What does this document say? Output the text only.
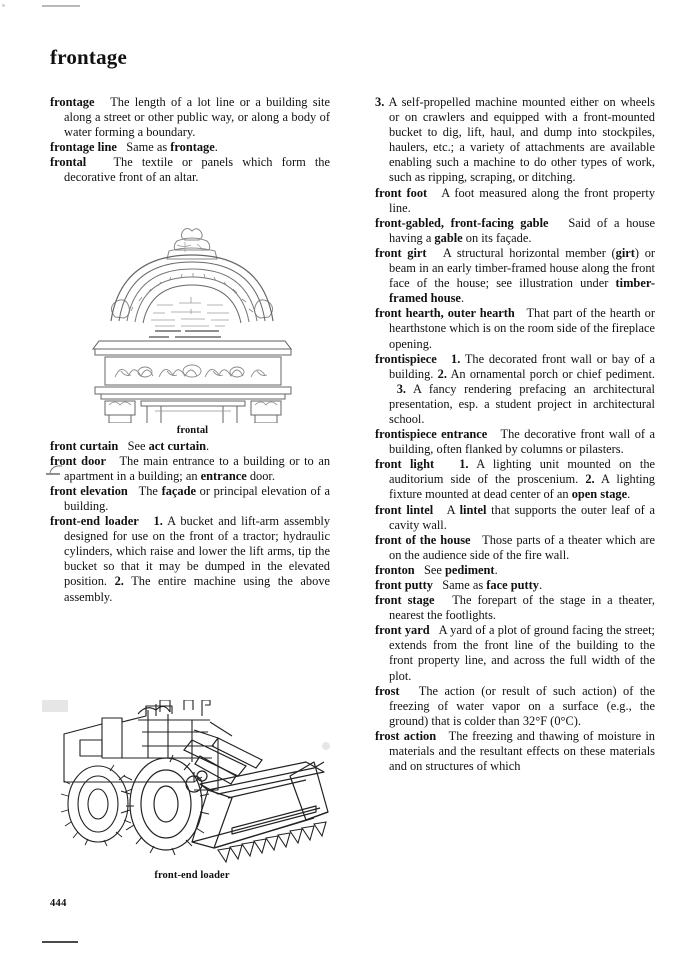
frontage

frontage The length of a lot line or a building site along a street or other public way, or along a body of water forming a boundary.

frontage line Same as frontage.

frontal The textile or panels which form the decorative front of an altar.

front curtain See act curtain.

front door The main entrance to a building or to an apartment in a building; an entrance door.

front elevation The façade or principal elevation of a building.

front-end loader 1. A bucket and lift-arm assembly designed for use on the front of a tractor; hydraulic cylinders, which raise and lower the lift arms, tip the bucket so that it may be dumped in the elevated position. 2. The entire machine using the above assembly.

3. A self-propelled machine mounted either on wheels or on crawlers and equipped with a front-mounted bucket to dig, lift, haul, and dump into stockpiles, haulers, etc.; a variety of attachments are available enabling such a machine to do other types of work, such as ripping, scraping, or ditching.

front foot A foot measured along the front property line.

front-gabled, front-facing gable Said of a house having a gable on its façade.

front girt A structural horizontal member (girt) or beam in an early timber-framed house along the front face of the house; see illustration under timber-framed house.

front hearth, outer hearth That part of the hearth or hearthstone which is on the room side of the fireplace opening.

frontispiece 1. The decorated front wall or bay of a building. 2. An ornamental porch or chief pediment. 3. A fancy rendering prefacing an architectural presentation, esp. a student project in architectural school.

frontispiece entrance The decorative front wall of a building, often flanked by columns or pilasters.

front light 1. A lighting unit mounted on the auditorium side of the proscenium. 2. A lighting fixture mounted at dead center of an open stage.

front lintel A lintel that supports the outer leaf of a cavity wall.

front of the house Those parts of a theater which are on the audience side of the fire wall.

fronton See pediment.

front putty Same as face putty.

front stage The forepart of the stage in a theater, nearest the footlights.

front yard A yard of a plot of ground facing the street; extends from the front line of the building to the front property line, and across the full width of the plot.

frost The action (or result of such action) of the freezing of water vapor on a surface (e.g., the ground) that is colder than 32°F (0°C).

frost action The freezing and thawing of moisture in materials and the resultant effects on these materials and on structures of which

frontal
front-end loader
444
